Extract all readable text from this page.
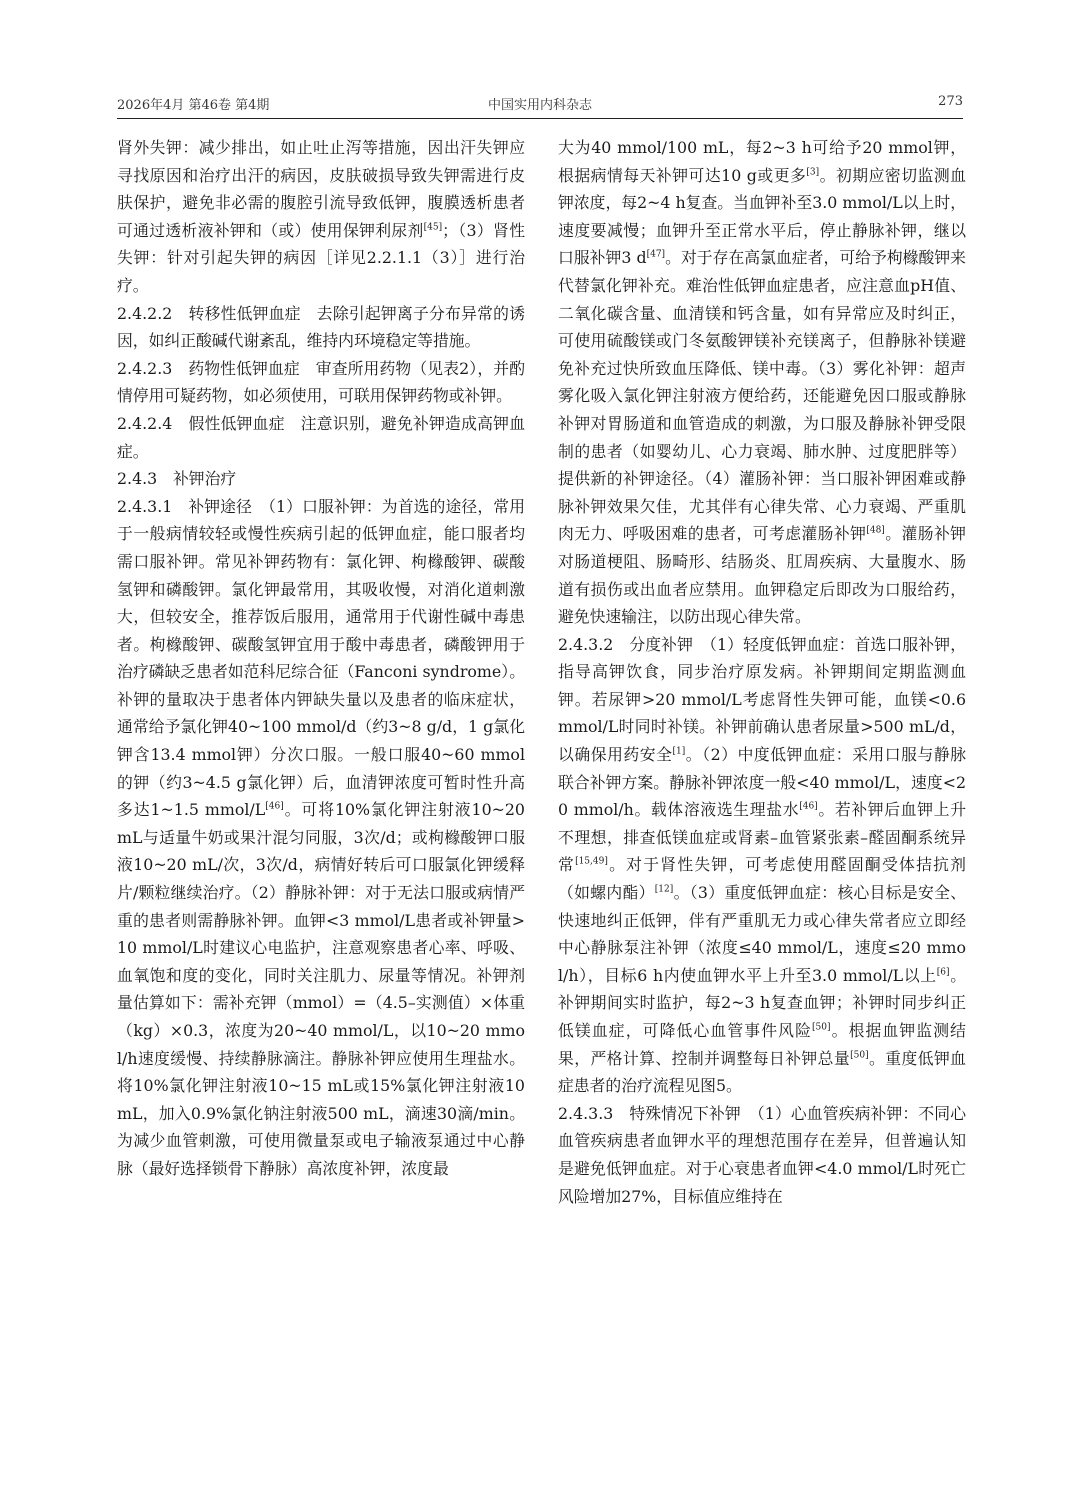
2026年4月 第46卷 第4期	中国实用内科杂志	273

肾外失钾：减少排出，如止吐止泻等措施，因出汗失钾应寻找原因和治疗出汗的病因，皮肤破损导致失钾需进行皮肤保护，避免非必需的腹腔引流导致低钾，腹膜透析患者可通过透析液补钾和（或）使用保钾利尿剂[45]；（3）肾性失钾：针对引起失钾的病因［详见2.2.1.1（3）］进行治疗。

2.4.2.2　转移性低钾血症　去除引起钾离子分布异常的诱因，如纠正酸碱代谢紊乱，维持内环境稳定等措施。

2.4.2.3　药物性低钾血症　审查所用药物（见表2），并酌情停用可疑药物，如必须使用，可联用保钾药物或补钾。

2.4.2.4　假性低钾血症　注意识别，避免补钾造成高钾血症。

2.4.3　补钾治疗

2.4.3.1　补钾途径　（1）口服补钾：为首选的途径，常用于一般病情较轻或慢性疾病引起的低钾血症，能口服者均需口服补钾。常见补钾药物有：氯化钾、枸橼酸钾、碳酸氢钾和磷酸钾。氯化钾最常用，其吸收慢，对消化道刺激大，但较安全，推荐饭后服用，通常用于代谢性碱中毒患者。枸橼酸钾、碳酸氢钾宜用于酸中毒患者，磷酸钾用于治疗磷缺乏患者如范科尼综合征（Fanconi syndrome）。补钾的量取决于患者体内钾缺失量以及患者的临床症状，通常给予氯化钾40~100 mmol/d（约3~8 g/d，1 g氯化钾含13.4 mmol钾）分次口服。一般口服40~60 mmol的钾（约3~4.5 g氯化钾）后，血清钾浓度可暂时性升高多达1~1.5 mmol/L[46]。可将10%氯化钾注射液10~20 mL与适量牛奶或果汁混匀同服，3次/d；或枸橼酸钾口服液10~20 mL/次，3次/d，病情好转后可口服氯化钾缓释片/颗粒继续治疗。（2）静脉补钾：对于无法口服或病情严重的患者则需静脉补钾。血钾<3 mmol/L患者或补钾量>10 mmol/L时建议心电监护，注意观察患者心率、呼吸、血氧饱和度的变化，同时关注肌力、尿量等情况。补钾剂量估算如下：需补充钾（mmol）=（4.5–实测值）×体重（kg）×0.3，浓度为20~40 mmol/L，以10~20 mmol/h速度缓慢、持续静脉滴注。静脉补钾应使用生理盐水。将10%氯化钾注射液10~15 mL或15%氯化钾注射液10 mL，加入0.9%氯化钠注射液500 mL，滴速30滴/min。为减少血管刺激，可使用微量泵或电子输液泵通过中心静脉（最好选择锁骨下静脉）高浓度补钾，浓度最

大为40 mmol/100 mL，每2~3 h可给予20 mmol钾，根据病情每天补钾可达10 g或更多[3]。初期应密切监测血钾浓度，每2~4 h复查。当血钾补至3.0 mmol/L以上时，速度要减慢；血钾升至正常水平后，停止静脉补钾，继以口服补钾3 d[47]。对于存在高氯血症者，可给予枸橼酸钾来代替氯化钾补充。难治性低钾血症患者，应注意血pH值、二氧化碳含量、血清镁和钙含量，如有异常应及时纠正，可使用硫酸镁或门冬氨酸钾镁补充镁离子，但静脉补镁避免补充过快所致血压降低、镁中毒。（3）雾化补钾：超声雾化吸入氯化钾注射液方便给药，还能避免因口服或静脉补钾对胃肠道和血管造成的刺激，为口服及静脉补钾受限制的患者（如婴幼儿、心力衰竭、肺水肿、过度肥胖等）提供新的补钾途径。（4）灌肠补钾：当口服补钾困难或静脉补钾效果欠佳，尤其伴有心律失常、心力衰竭、严重肌肉无力、呼吸困难的患者，可考虑灌肠补钾[48]。灌肠补钾对肠道梗阻、肠畸形、结肠炎、肛周疾病、大量腹水、肠道有损伤或出血者应禁用。血钾稳定后即改为口服给药，避免快速输注，以防出现心律失常。

2.4.3.2　分度补钾　（1）轻度低钾血症：首选口服补钾，指导高钾饮食，同步治疗原发病。补钾期间定期监测血钾。若尿钾>20 mmol/L考虑肾性失钾可能，血镁<0.6 mmol/L时同时补镁。补钾前确认患者尿量>500 mL/d，以确保用药安全[1]。（2）中度低钾血症：采用口服与静脉联合补钾方案。静脉补钾浓度一般<40 mmol/L，速度<20 mmol/h。载体溶液选生理盐水[46]。若补钾后血钾上升不理想，排查低镁血症或肾素–血管紧张素–醛固酮系统异常[15,49]。对于肾性失钾，可考虑使用醛固酮受体拮抗剂（如螺内酯）[12]。（3）重度低钾血症：核心目标是安全、快速地纠正低钾，伴有严重肌无力或心律失常者应立即经中心静脉泵注补钾（浓度≤40 mmol/L，速度≤20 mmol/h），目标6 h内使血钾水平上升至3.0 mmol/L以上[6]。补钾期间实时监护，每2~3 h复查血钾；补钾时同步纠正低镁血症，可降低心血管事件风险[50]。根据血钾监测结果，严格计算、控制并调整每日补钾总量[50]。重度低钾血症患者的治疗流程见图5。

2.4.3.3　特殊情况下补钾　（1）心血管疾病补钾：不同心血管疾病患者血钾水平的理想范围存在差异，但普遍认知是避免低钾血症。对于心衰患者血钾<4.0 mmol/L时死亡风险增加27%，目标值应维持在
